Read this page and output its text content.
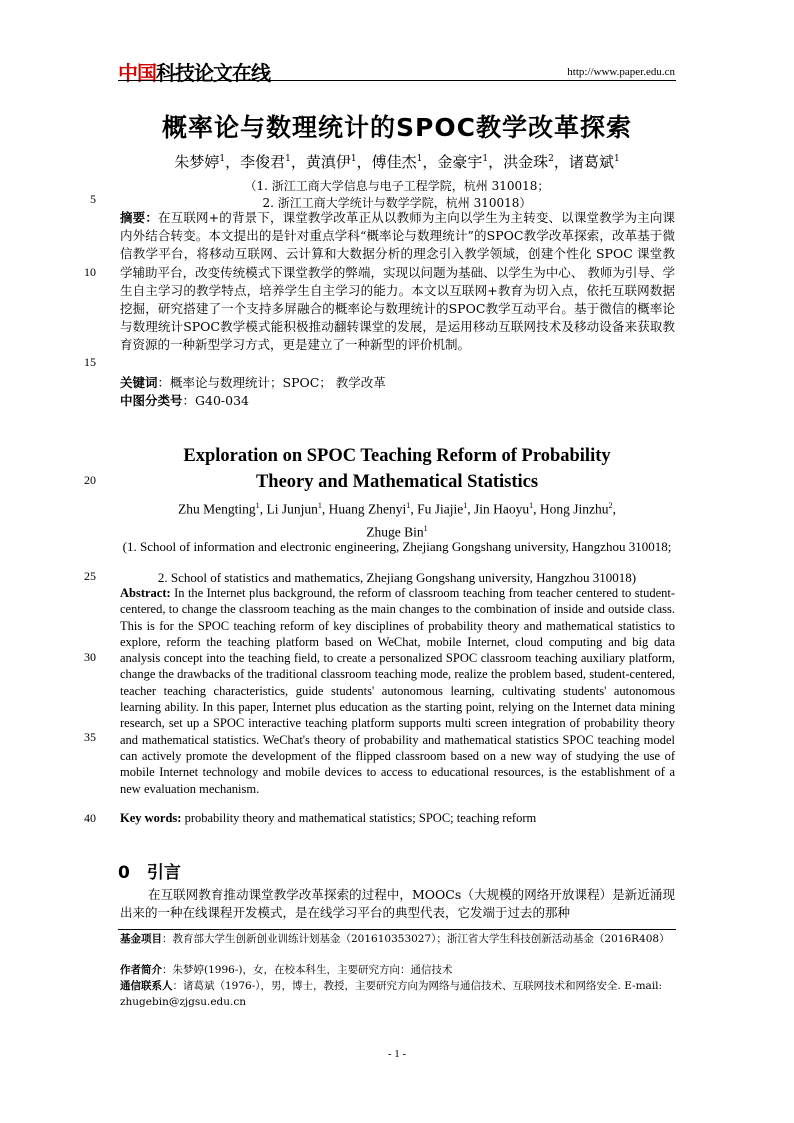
中国科技论文在线	http://www.paper.edu.cn
5
10
15
20
25
30
35
40
概率论与数理统计的SPOC教学改革探索
朱梦婷$^1$，李俊君$^1$，黄滇伊$^1$，傅佳杰$^1$，金豪宇$^1$，洪金珠$^2$，诸葛斌$^1$
（1. 浙江工商大学信息与电子工程学院，杭州 310018；
2. 浙江工商大学统计与数学学院，杭州 310018）
摘要：在互联网+的背景下，课堂教学改革正从以教师为主向以学生为主转变、以课堂教学为主向课内外结合转变。本文提出的是针对重点学科“概率论与数理统计”的SPOC教学改革探索，改革基于微信教学平台，将移动互联网、云计算和大数据分析的理念引入教学领域，创建个性化 SPOC 课堂教学辅助平台，改变传统模式下课堂教学的弊端，实现以问题为基础、以学生为中心、 教师为引导、学生自主学习的教学特点，培养学生自主学习的能力。本文以互联网+教育为切入点，依托互联网数据挖掘，研究搭建了一个支持多屏融合的概率论与数理统计的SPOC教学互动平台。基于微信的概率论与数理统计SPOC教学模式能积极推动翻转课堂的发展，是运用移动互联网技术及移动设备来获取教育资源的一种新型学习方式，更是建立了一种新型的评价机制。
关键词：概率论与数理统计；SPOC； 教学改革
中图分类号：G40-034
Exploration on SPOC Teaching Reform of Probability
Theory and Mathematical Statistics
Zhu Mengting$^1$, Li Junjun$^1$, Huang Zhenyi$^1$, Fu Jiajie$^1$, Jin Haoyu$^1$, Hong Jinzhu$^2$,
Zhuge Bin$^1$
(1. School of information and electronic engineering, Zhejiang Gongshang university, Hangzhou 310018;
2. School of statistics and mathematics, Zhejiang Gongshang university, Hangzhou 310018)
Abstract: In the Internet plus background, the reform of classroom teaching from teacher centered to student-centered, to change the classroom teaching as the main changes to the combination of inside and outside class. This is for the SPOC teaching reform of key disciplines of probability theory and mathematical statistics to explore, reform the teaching platform based on WeChat, mobile Internet, cloud computing and big data analysis concept into the teaching field, to create a personalized SPOC classroom teaching auxiliary platform, change the drawbacks of the traditional classroom teaching mode, realize the problem based, student-centered, teacher teaching characteristics, guide students' autonomous learning, cultivating students' autonomous learning ability. In this paper, Internet plus education as the starting point, relying on the Internet data mining research, set up a SPOC interactive teaching platform supports multi screen integration of probability theory and mathematical statistics. WeChat's theory of probability and mathematical statistics SPOC teaching model can actively promote the development of the flipped classroom based on a new way of studying the use of mobile Internet technology and mobile devices to access to educational resources, is the establishment of a new evaluation mechanism.
Key words: probability theory and mathematical statistics; SPOC; teaching reform
0　引言
在互联网教育推动课堂教学改革探索的过程中，MOOCs（大规模的网络开放课程）是新近涌现出来的一种在线课程开发模式，是在线学习平台的典型代表，它发端于过去的那种
基金项目：教育部大学生创新创业训练计划基金（201610353027）；浙江省大学生科技创新活动基金（2016R408）
作者简介：朱梦婷(1996-)，女，在校本科生，主要研究方向：通信技术
通信联系人：诸葛斌（1976-），男，博士，教授，主要研究方向为网络与通信技术、互联网技术和网络安全. E-mail: zhugebin@zjgsu.edu.cn
- 1 -
